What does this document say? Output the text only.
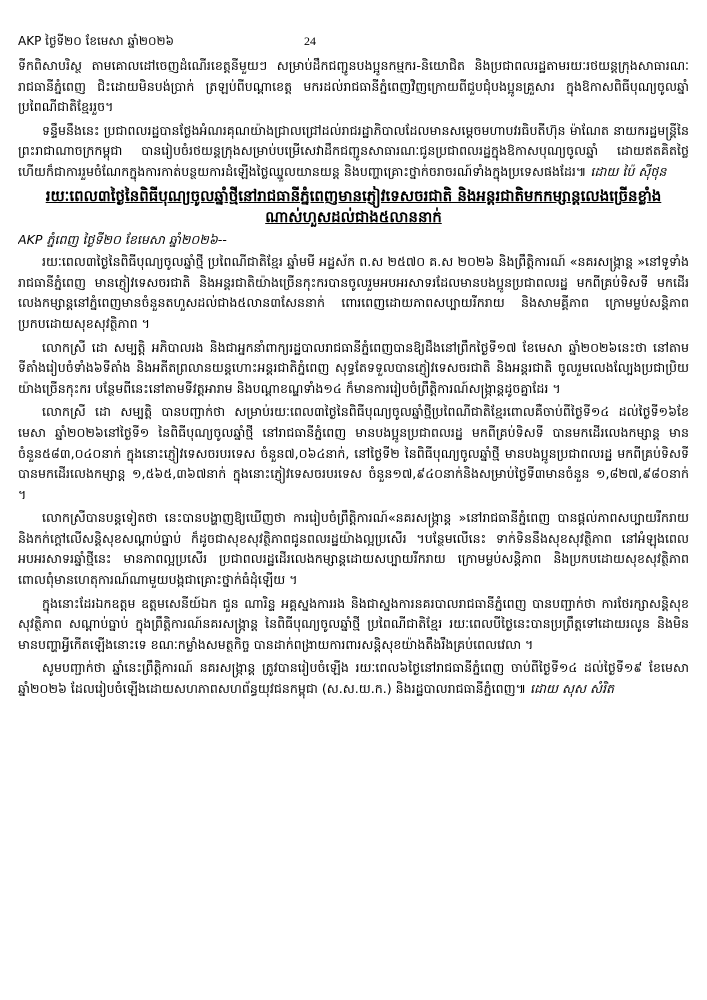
AKP ថ្ងៃទី២០ ខែមេសា ឆ្នាំ២០២៦	24

ទីកពិសាបរិស្ថ តាមគោលដៅចេញដំណើរខេត្តនីមួយៗ សម្រាប់ដឹកជញ្ជូនបងប្អូនកម្មករ-និយោជិត និងប្រជាពលរដ្ឋតាមរយៈរថយន្តក្រុងសាធារណៈរាជធានីភ្នំពេញ ជិះដោយមិនបង់ប្រាក់ ត្រឡប់ពីបណ្តាខេត្ត មករដល់រាជធានីភ្នំពេញវិញក្រោយពីជួបជុំបងប្អូនគ្រួសារ ក្នុងឱកាសពិធីបុណ្យចូលឆ្នាំប្រពៃណីជាតិខ្មែររួច។

ទន្ទឹមនឹងនេះ ប្រជាពលរដ្ឋបានថ្លែងអំណរគុណយ៉ាងជ្រាលជ្រៅដល់រាជរដ្ឋាភិបាលដែលមានសម្តេចមហាបវរធិបតីហ៊ុន ម៉ាណែត នាយករដ្ឋមន្ត្រីនៃព្រះរាជាណាចក្រកម្ពុជា បានរៀបចំរថយន្តក្រុងសម្រាប់បម្រើសេវាដឹកជញ្ជូនសាធារណៈជូនប្រជាពលរដ្ឋក្នុងឱកាសបុណ្យចូលឆ្នាំ ដោយឥតគិតថ្លៃ ហើយក៏ជាការរួមចំណែកក្នុងការកាត់បន្ថយការដំឡើងថ្លៃឈ្នួលយានយន្ត និងបញ្ហាគ្រោះថ្នាក់ចរាចរណ៍ទាំងក្នុងប្រទេសផងដែរ៕ ដោយ ប៉ៃ ស៊ីថុន

រយៈពេល៣ថ្ងៃនៃពិធីបុណ្យចូលឆ្នាំថ្មីនៅរាជធានីភ្នំពេញមានភ្ញៀវទេសចរជាតិ និងអន្តរជាតិមកកម្សាន្តលេងច្រើនខ្លាំងណាស់ហួសដល់ជាង៥លាននាក់
AKP ភ្នំពេញ ថ្ងៃទី២០ ខែមេសា ឆ្នាំ២០២៦--

រយៈពេល៣ថ្ងៃនៃពិធីបុណ្យចូលឆ្នាំថ្មី ប្រពៃណីជាតិខ្មែរ ឆ្នាំមមី អដ្ឋស័ក ព.ស ២៥៧០ គ.ស ២០២៦ និងព្រឹត្តិការណ៍ «នគរសង្ក្រាន្ត »នៅទូទាំងរាជធានីភ្នំពេញ មានភ្ញៀវទេសចរជាតិ និងអន្តរជាតិយ៉ាងច្រើនកុះករបានចូលរួមអបអរសាទរដែលមានបងប្អូនប្រជាពលរដ្ឋ មកពីគ្រប់ទិសទី មកដើរលេងកម្សាន្តនៅភ្នំពេញមានចំនួនតហួសដល់ជាង៥លាន៣សែននាក់ ពោរពេញដោយភាពសប្បាយរីករាយ និងសាមគ្គីភាព ក្រោមម្លប់សន្តិភាពប្រកបដោយសុខសុវត្ថិភាព ។

លោកស្រី ដោ សម្បត្តិ អភិបាលរង និងជាអ្នកនាំពាក្យរដ្ឋបាលរាជធានីភ្នំពេញបានឱ្យដឹងនៅព្រឹកថ្ងៃទី១៧ ខែមេសា ឆ្នាំ២០២៦នេះថា នៅតាមទីតាំងរៀបចំទាំង៦ទីតាំង និងអតីតព្រលានយន្តហោះអន្តរជាតិភ្នំពេញ សុទ្ធតែទទួលបានភ្ញៀវទេសចរជាតិ និងអន្តរជាតិ ចូលរួមលេងល្បែងប្រជាប្រិយ យ៉ាងច្រើនកុះករ បន្ថែមពីនេះនៅតាមទីវត្តអារាម និងបណ្ដាខណ្ឌទាំង១៤ ក៏មានការរៀបចំព្រឹត្តិការណ៍សង្ក្រាន្តដូចគ្នាដែរ ។

លោកស្រី ដោ សម្បត្តិ បានបញ្ជាក់ថា សម្រាប់រយៈពេល៣ថ្ងៃនៃពិធីបុណ្យចូលឆ្នាំថ្មីប្រពៃណីជាតិខ្មែរពោលគឺចាប់ពីថ្ងៃទី១៤ ដល់ថ្ងៃទី១៦ខែមេសា ឆ្នាំ២០២៦នៅថ្ងៃទី១ នៃពិធីបុណ្យចូលឆ្នាំថ្មី នៅរាជធានីភ្នំពេញ មានបងប្អូនប្រជាពលរដ្ឋ មកពីគ្រប់ទិសទី បានមកដើរលេងកម្សាន្ត មានចំនួន៥៨៣,០៤០នាក់ ក្នុងនោះភ្ញៀវទេសចរបរទេស ចំនួន៧,០៦៤នាក់, នៅថ្ងៃទី២ នៃពិធីបុណ្យចូលឆ្នាំថ្មី មានបងប្អូនប្រជាពលរដ្ឋ មកពីគ្រប់ទិសទី បានមកដើរលេងកម្សាន្ត ១,៥៦៥,៣៦៧នាក់ ក្នុងនោះភ្ញៀវទេសចរបរទេស ចំនួន១៧,៩៤០នាក់និងសម្រាប់ថ្ងៃទី៣មានចំនួន ១,៨២៧,៩៨០នាក់ ។

លោកស្រីបានបន្តទៀតថា នេះបានបង្ហាញឱ្យឃើញថា ការរៀបចំព្រឹត្តិការណ៍«នគរសង្ក្រាន្ត »នៅរាជធានីភ្នំពេញ បានផ្តល់ភាពសប្បាយរីករាយ និងកក់ក្ដៅលើសន្តិសុខសណ្តាប់ធ្នាប់ ក៏ដូចជាសុខសុវត្ថិភាពជូនពលរដ្ឋយ៉ាងល្អប្រសើរ ។បន្ថែមលើនេះ ទាក់ទិននឹងសុខសុវត្ថិភាព នៅអំឡុងពេលអបអរសាទរឆ្នាំថ្មីនេះ មានភាពល្អប្រសើរ ប្រជាពលរដ្ឋដើរលេងកម្សាន្តដោយសប្បាយរីករាយ ក្រោមម្លប់សន្តិភាព និងប្រកបដោយសុខសុវត្ថិភាព ពោលពុំមានហេតុការណ៍ណាមួយបង្កជាគ្រោះថ្នាក់ធំដុំឡើយ ។

ក្នុងនោះដែរឯកឧត្តម ឧត្តមសេនីយ៍ឯក ជួន ណារិន្ទ អគ្គស្នងការរង និងជាស្នងការនគរបាលរាជធានីភ្នំពេញ បានបញ្ជាក់ថា ការថែរក្សាសន្តិសុខ សុវត្ថិភាព សណ្ដាប់ធ្នាប់ ក្នុងព្រឹត្តិការណ៍នគរសង្ក្រាន្ត នៃពិធីបុណ្យចូលឆ្នាំថ្មី ប្រពៃណីជាតិខ្មែរ រយៈពេលបីថ្ងៃនេះបានប្រព្រឹត្តទៅដោយរលូន និងមិនមានបញ្ហាអ្វីកើតឡើងនោះទេ ខណៈកម្លាំងសមត្ថកិច្ច បានដាក់ពង្រាយការពារសន្តិសុខយ៉ាងតឹងរឹងគ្រប់ពេលវេលា ។

សូមបញ្ជាក់ថា ឆ្នាំនេះព្រឹត្តិការណ៍ នគរសង្ក្រាន្ត ត្រូវបានរៀបចំឡើង រយៈពេល៦ថ្ងៃនៅរាជធានីភ្នំពេញ ចាប់ពីថ្ងៃទី១៤ ដល់ថ្ងៃទី១៩ ខែមេសា ឆ្នាំ២០២៦ ដែលរៀបចំឡើងដោយសហភាពសហព័ន្ធយុវជនកម្ពុជា (ស.ស.យ.ក.) និងរដ្ឋបាលរាជធានីភ្នំពេញ៕ ដោយ សុស សំរិត
